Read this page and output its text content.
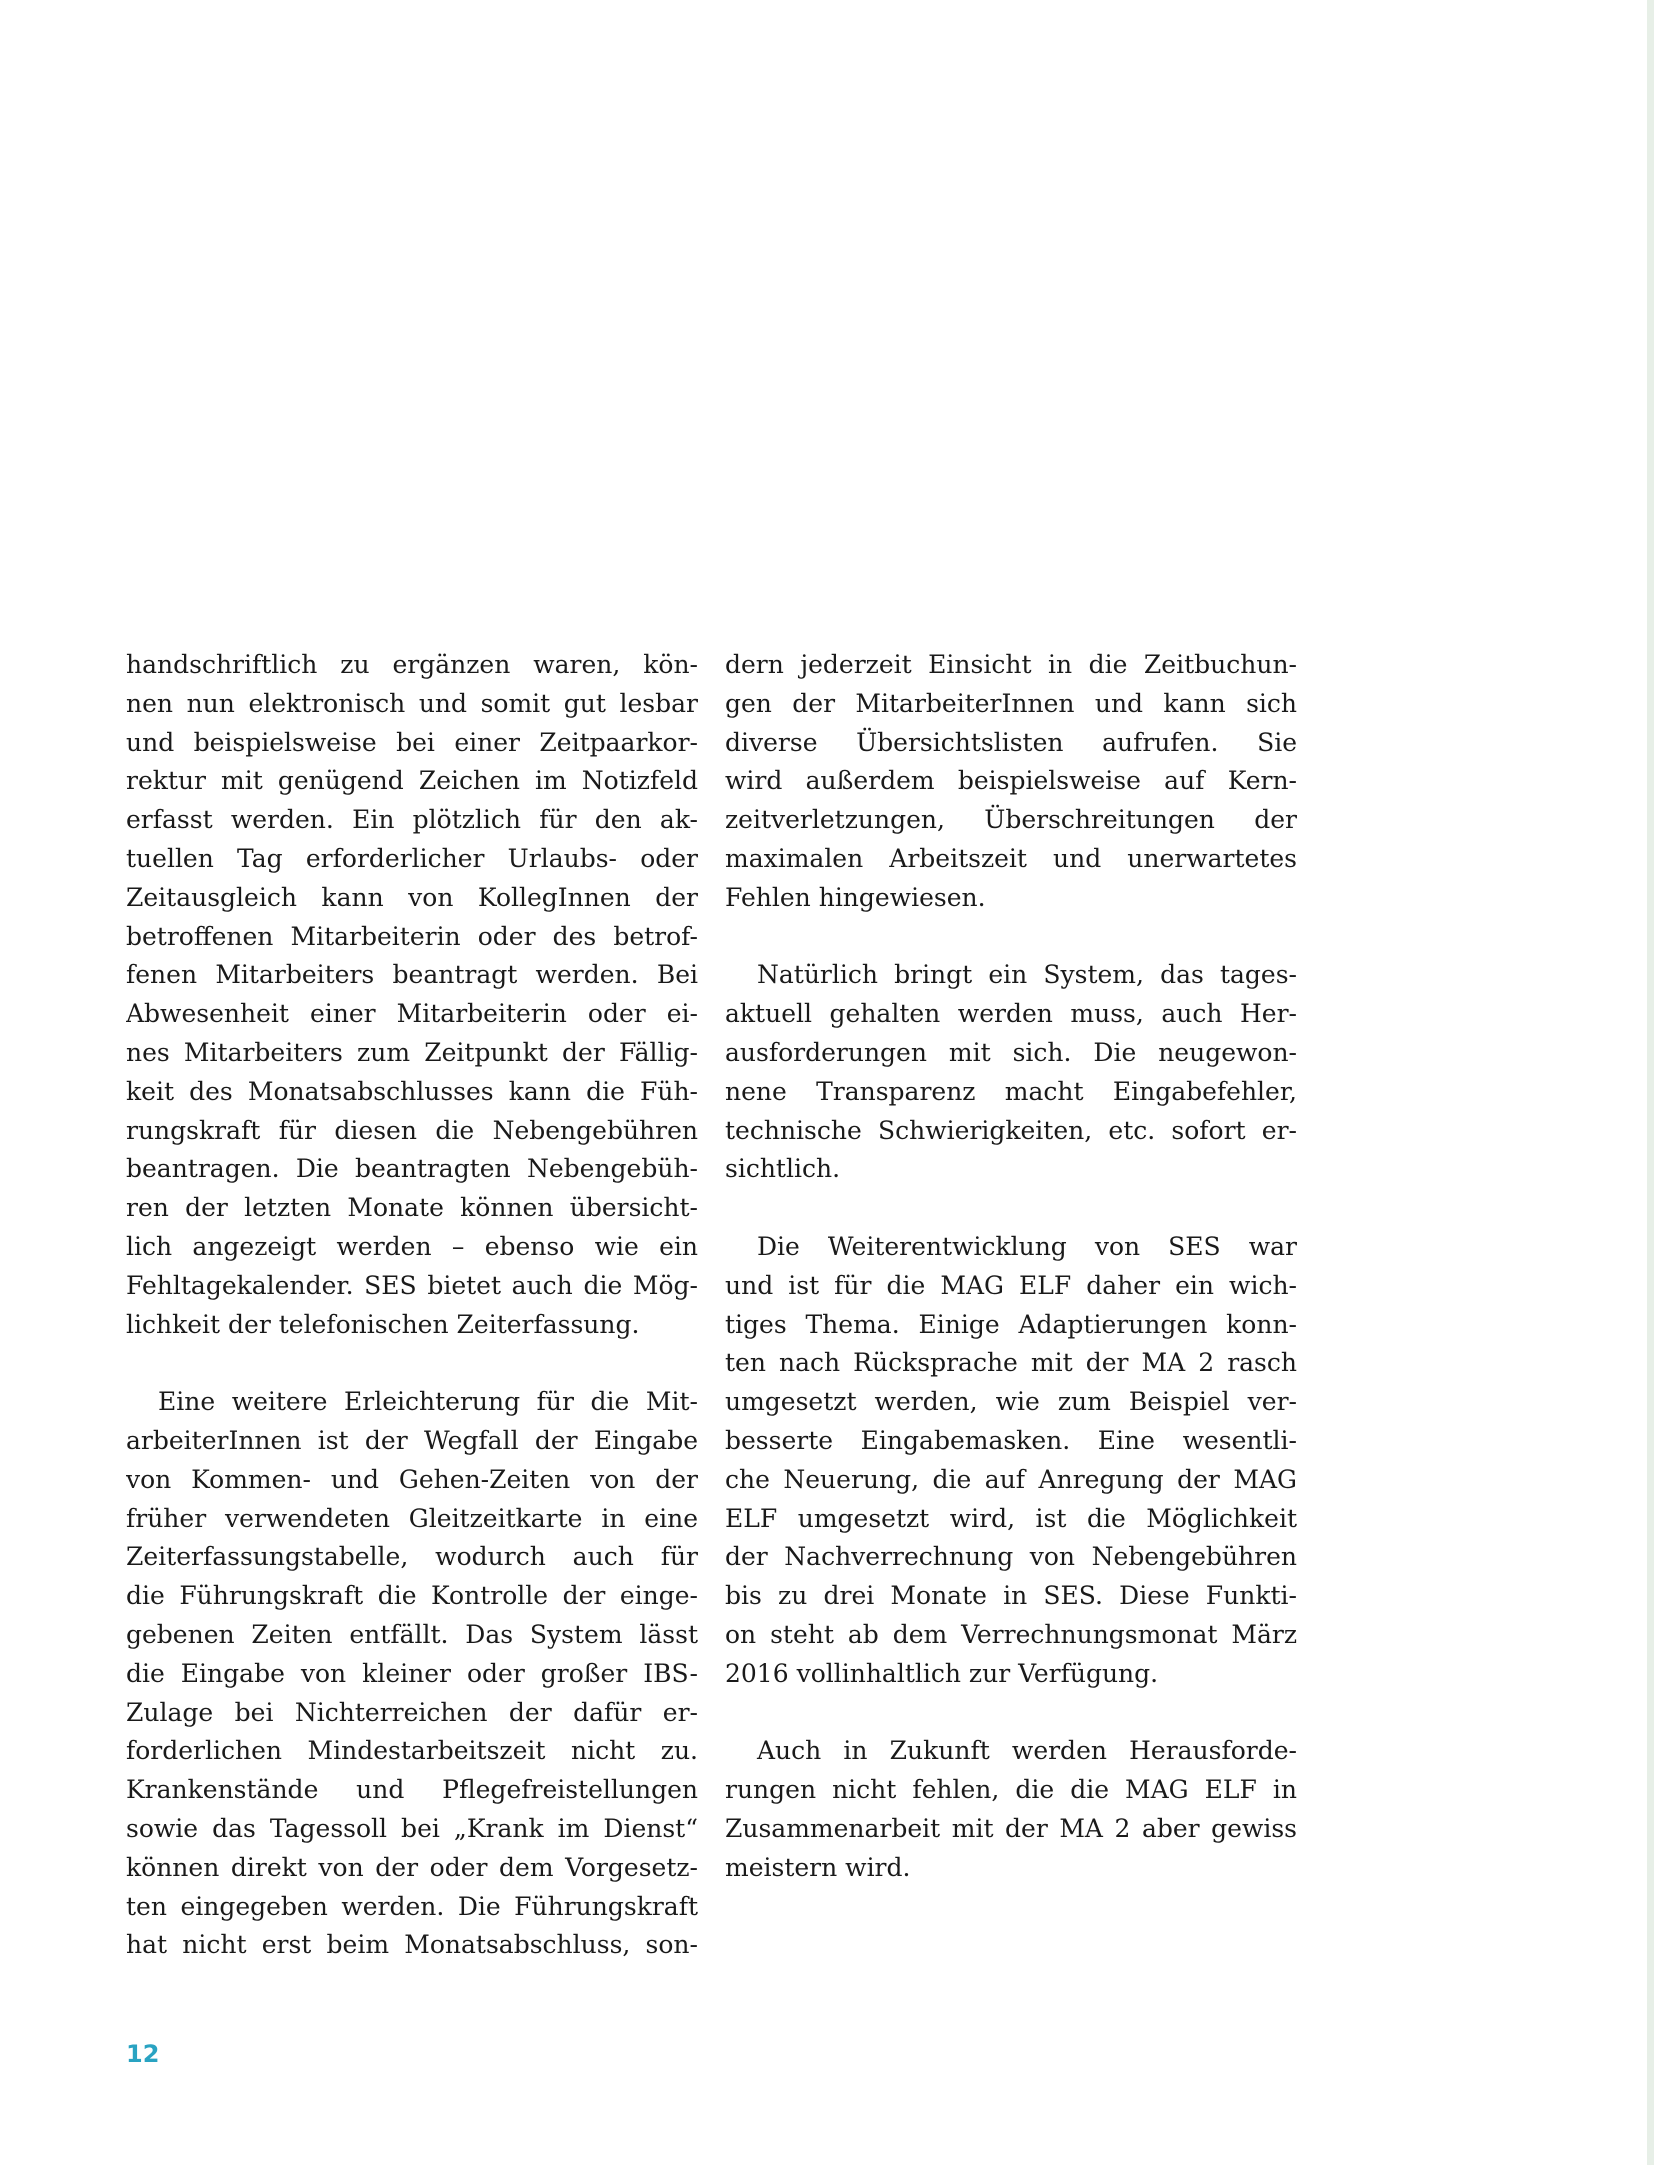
handschriftlich zu ergänzen waren, kön-
nen nun elektronisch und somit gut lesbar
und beispielsweise bei einer Zeitpaarkor-
rektur mit genügend Zeichen im Notizfeld
erfasst werden. Ein plötzlich für den ak-
tuellen Tag erforderlicher Urlaubs- oder
Zeitausgleich kann von KollegInnen der
betroffenen Mitarbeiterin oder des betrof-
fenen Mitarbeiters beantragt werden. Bei
Abwesenheit einer Mitarbeiterin oder ei-
nes Mitarbeiters zum Zeitpunkt der Fällig-
keit des Monatsabschlusses kann die Füh-
rungskraft für diesen die Nebengebühren
beantragen. Die beantragten Nebengebüh-
ren der letzten Monate können übersicht-
lich angezeigt werden – ebenso wie ein
Fehltagekalender. SES bietet auch die Mög-
lichkeit der telefonischen Zeiterfassung.
Eine weitere Erleichterung für die Mit-
arbeiterInnen ist der Wegfall der Eingabe
von Kommen- und Gehen-Zeiten von der
früher verwendeten Gleitzeitkarte in eine
Zeiterfassungstabelle, wodurch auch für
die Führungskraft die Kontrolle der einge-
gebenen Zeiten entfällt. Das System lässt
die Eingabe von kleiner oder großer IBS-
Zulage bei Nichterreichen der dafür er-
forderlichen Mindestarbeitszeit nicht zu.
Krankenstände und Pflegefreistellungen
sowie das Tagessoll bei „Krank im Dienst“
können direkt von der oder dem Vorgesetz-
ten eingegeben werden. Die Führungskraft
hat nicht erst beim Monatsabschluss, son-
dern jederzeit Einsicht in die Zeitbuchun-
gen der MitarbeiterInnen und kann sich
diverse Übersichtslisten aufrufen. Sie
wird außerdem beispielsweise auf Kern-
zeitverletzungen, Überschreitungen der
maximalen Arbeitszeit und unerwartetes
Fehlen hingewiesen.
Natürlich bringt ein System, das tages-
aktuell gehalten werden muss, auch Her-
ausforderungen mit sich. Die neugewon-
nene Transparenz macht Eingabefehler,
technische Schwierigkeiten, etc. sofort er-
sichtlich.
Die Weiterentwicklung von SES war
und ist für die MAG ELF daher ein wich-
tiges Thema. Einige Adaptierungen konn-
ten nach Rücksprache mit der MA 2 rasch
umgesetzt werden, wie zum Beispiel ver-
besserte Eingabemasken. Eine wesentli-
che Neuerung, die auf Anregung der MAG
ELF umgesetzt wird, ist die Möglichkeit
der Nachverrechnung von Nebengebühren
bis zu drei Monate in SES. Diese Funkti-
on steht ab dem Verrechnungsmonat März
2016 vollinhaltlich zur Verfügung.
Auch in Zukunft werden Herausforde-
rungen nicht fehlen, die die MAG ELF in
Zusammenarbeit mit der MA 2 aber gewiss
meistern wird.
12
